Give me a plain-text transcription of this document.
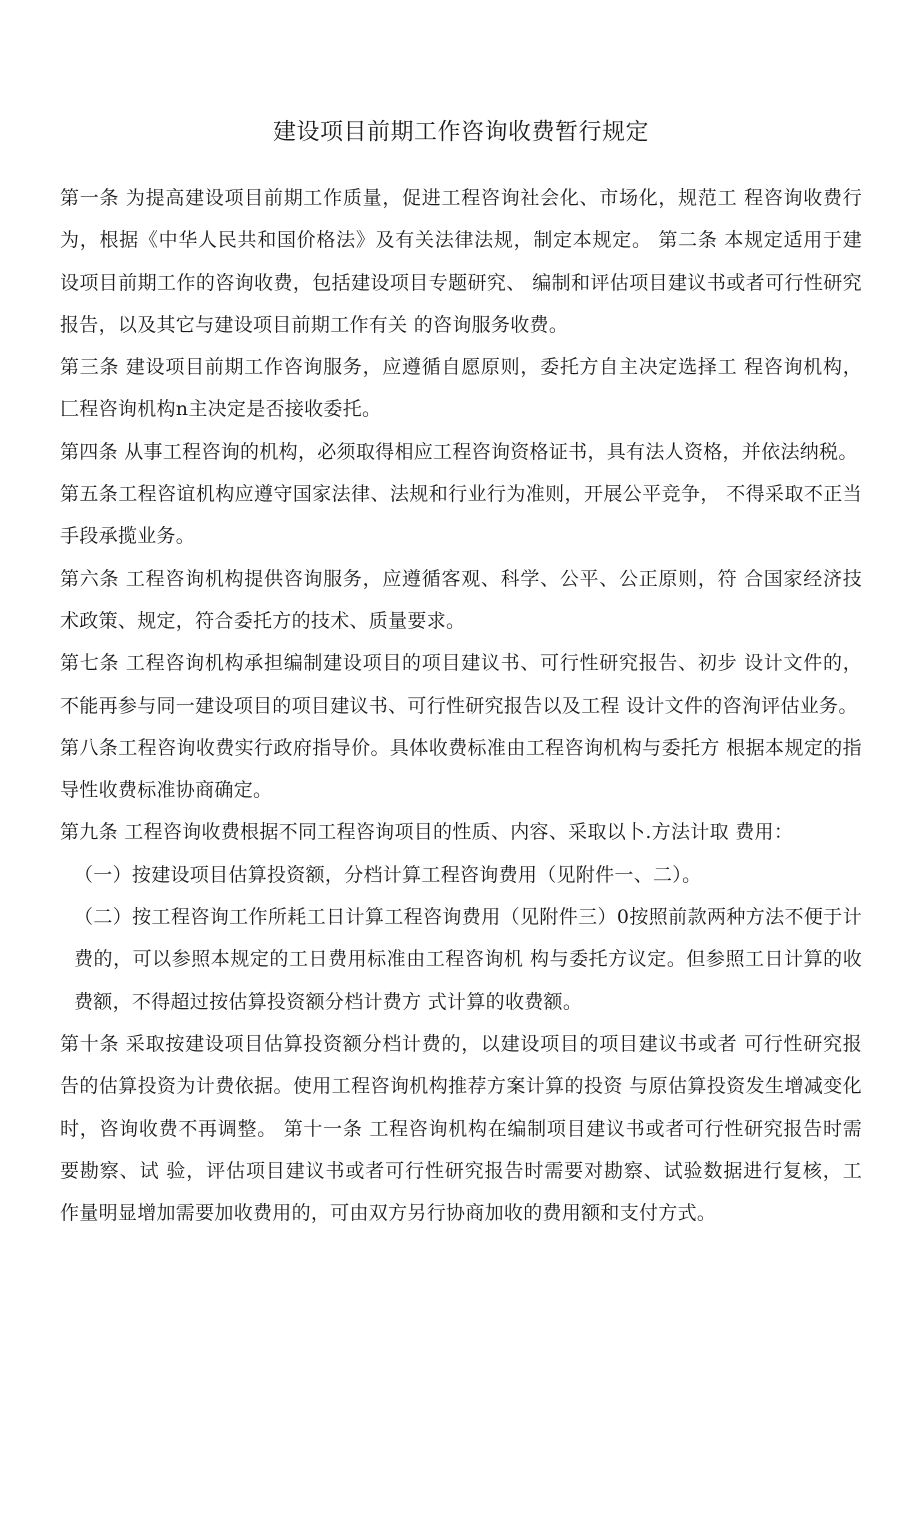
建设项目前期工作咨询收费暂行规定

第一条 为提高建设项目前期工作质量，促进工程咨询社会化、市场化，规范工 程咨询收费行为，根据《中华人民共和国价格法》及有关法律法规，制定本规定。 第二条 本规定适用于建设项目前期工作的咨询收费，包括建设项目专题研究、 编制和评估项目建议书或者可行性研究报告，以及其它与建设项目前期工作有关 的咨询服务收费。

第三条 建设项目前期工作咨询服务，应遵循自愿原则，委托方自主决定选择工 程咨询机构，匚程咨询机构n主决定是否接收委托。

第四条 从事工程咨询的机构，必须取得相应工程咨询资格证书，具有法人资格，并依法纳税。

第五条工程咨谊机构应遵守国家法律、法规和行业行为准则，开展公平竞争， 不得采取不正当手段承揽业务。

第六条 工程咨询机构提供咨询服务，应遵循客观、科学、公平、公正原则，符 合国家经济技术政策、规定，符合委托方的技术、质量要求。

第七条 工程咨询机构承担编制建设项目的项目建议书、可行性研究报告、初步 设计文件的，不能再参与同一建设项目的项目建议书、可行性研究报告以及工程 设计文件的咨洵评估业务。

第八条工程咨询收费实行政府指导价。具体收费标准由工程咨询机构与委托方 根据本规定的指导性收费标准协商确定。

第九条 工程咨询收费根据不同工程咨询项目的性质、内容、采取以卜.方法计取 费用：

（一）按建设项目估算投资额，分档计算工程咨询费用（见附件一、二）。

（二）按工程咨询工作所耗工日计算工程咨询费用（见附件三）0按照前款两种方法不便于计费的，可以参照本规定的工日费用标准由工程咨询机 构与委托方议定。但参照工日计算的收费额，不得超过按估算投资额分档计费方 式计算的收费额。

第十条 采取按建设项目估算投资额分档计费的，以建设项目的项目建议书或者 可行性研究报告的估算投资为计费依据。使用工程咨询机构推荐方案计算的投资 与原估算投资发生增减变化时，咨询收费不再调整。 第十一条 工程咨询机构在编制项目建议书或者可行性研究报告时需要勘察、试 验，评估项目建议书或者可行性研究报告时需要对勘察、试验数据进行复核，工 作量明显增加需要加收费用的，可由双方另行协商加收的费用额和支付方式。
